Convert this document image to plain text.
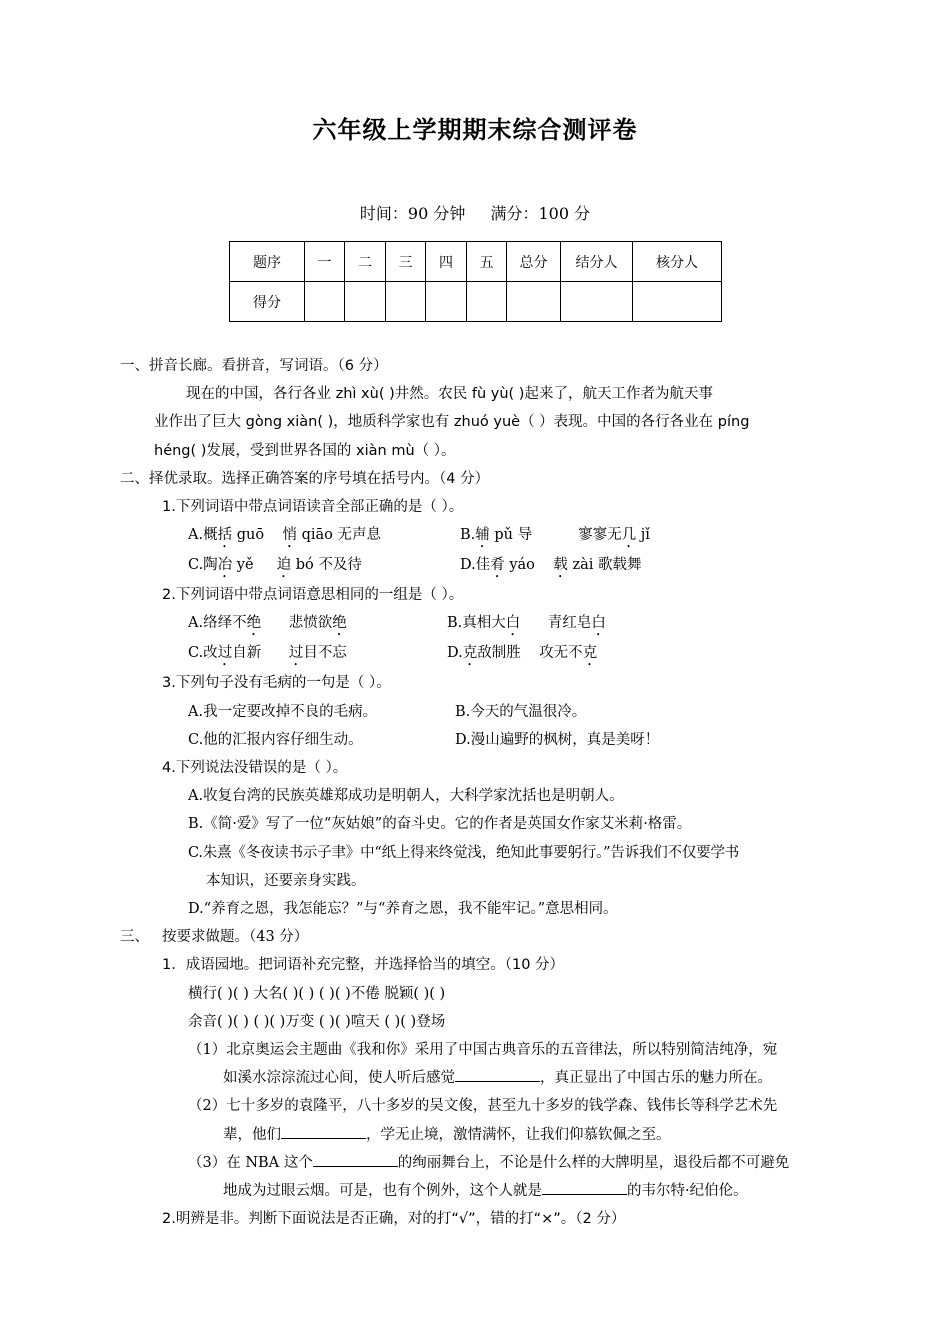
六年级上学期期末综合测评卷
时间：90 分钟 满分：100 分
题序	一	二	三	四	五	总分	结分人	核分人
得分								
一、拼音长廊。看拼音，写词语。（6 分）
现在的中国，各行各业 zhì xù( )井然。农民 fù yù( )起来了，航天工作者为航天事
业作出了巨大 gòng xiàn( )，地质科学家也有 zhuó yuè（ ）表现。中国的各行各业在 píng
héng( )发展，受到世界各国的 xiàn mù（ ）。
二、择优录取。选择正确答案的序号填在括号内。（4 分）
1.下列词语中带点词语读音全部正确的是（ ）。
A.概括 guō    悄 qiāo 无声息	B.辅 pǔ 导          寥寥无几 jǐ
C.陶冶 yě     迫 bó 不及待	D.佳肴 yáo    载 zài 歌载舞
2.下列词语中带点词语意思相同的一组是（ ）。
A.络绎不绝      悲愤欲绝	B.真相大白      青红皂白
C.改过自新      过目不忘	D.克敌制胜    攻无不克
3.下列句子没有毛病的一句是（ ）。
A.我一定要改掉不良的毛病。	B.今天的气温很冷。
C.他的汇报内容仔细生动。	D.漫山遍野的枫树，真是美呀！
4.下列说法没错误的是（ ）。
A.收复台湾的民族英雄郑成功是明朝人，大科学家沈括也是明朝人。
B.《简·爱》写了一位“灰姑娘”的奋斗史。它的作者是英国女作家艾米莉·格雷。
C.朱熹《冬夜读书示子聿》中“纸上得来终觉浅，绝知此事要躬行。”告诉我们不仅要学书
本知识，还要亲身实践。
D.“养育之恩，我怎能忘？”与“养育之恩，我不能牢记。”意思相同。
三、 按要求做题。（43 分）
1．成语园地。把词语补充完整，并选择恰当的填空。（10 分）
横行( )( ) 大名( )( ) ( )( )不倦 脱颖( )( )
余音( )( ) ( )( )万变 ( )( )喧天 ( )( )登场
（1）北京奥运会主题曲《我和你》采用了中国古典音乐的五音律法，所以特别简洁纯净，宛
如溪水淙淙流过心间，使人听后感觉	，真正显出了中国古乐的魅力所在。
（2）七十多岁的袁隆平，八十多岁的吴文俊，甚至九十多岁的钱学森、钱伟长等科学艺术先
辈，他们	，学无止境，激情满怀，让我们仰慕钦佩之至。
（3）在 NBA 这个	的绚丽舞台上，不论是什么样的大牌明星，退役后都不可避免
地成为过眼云烟。可是，也有个例外，这个人就是	的韦尔特·纪伯伦。
2.明辨是非。判断下面说法是否正确，对的打“√”，错的打“×”。（2 分）
